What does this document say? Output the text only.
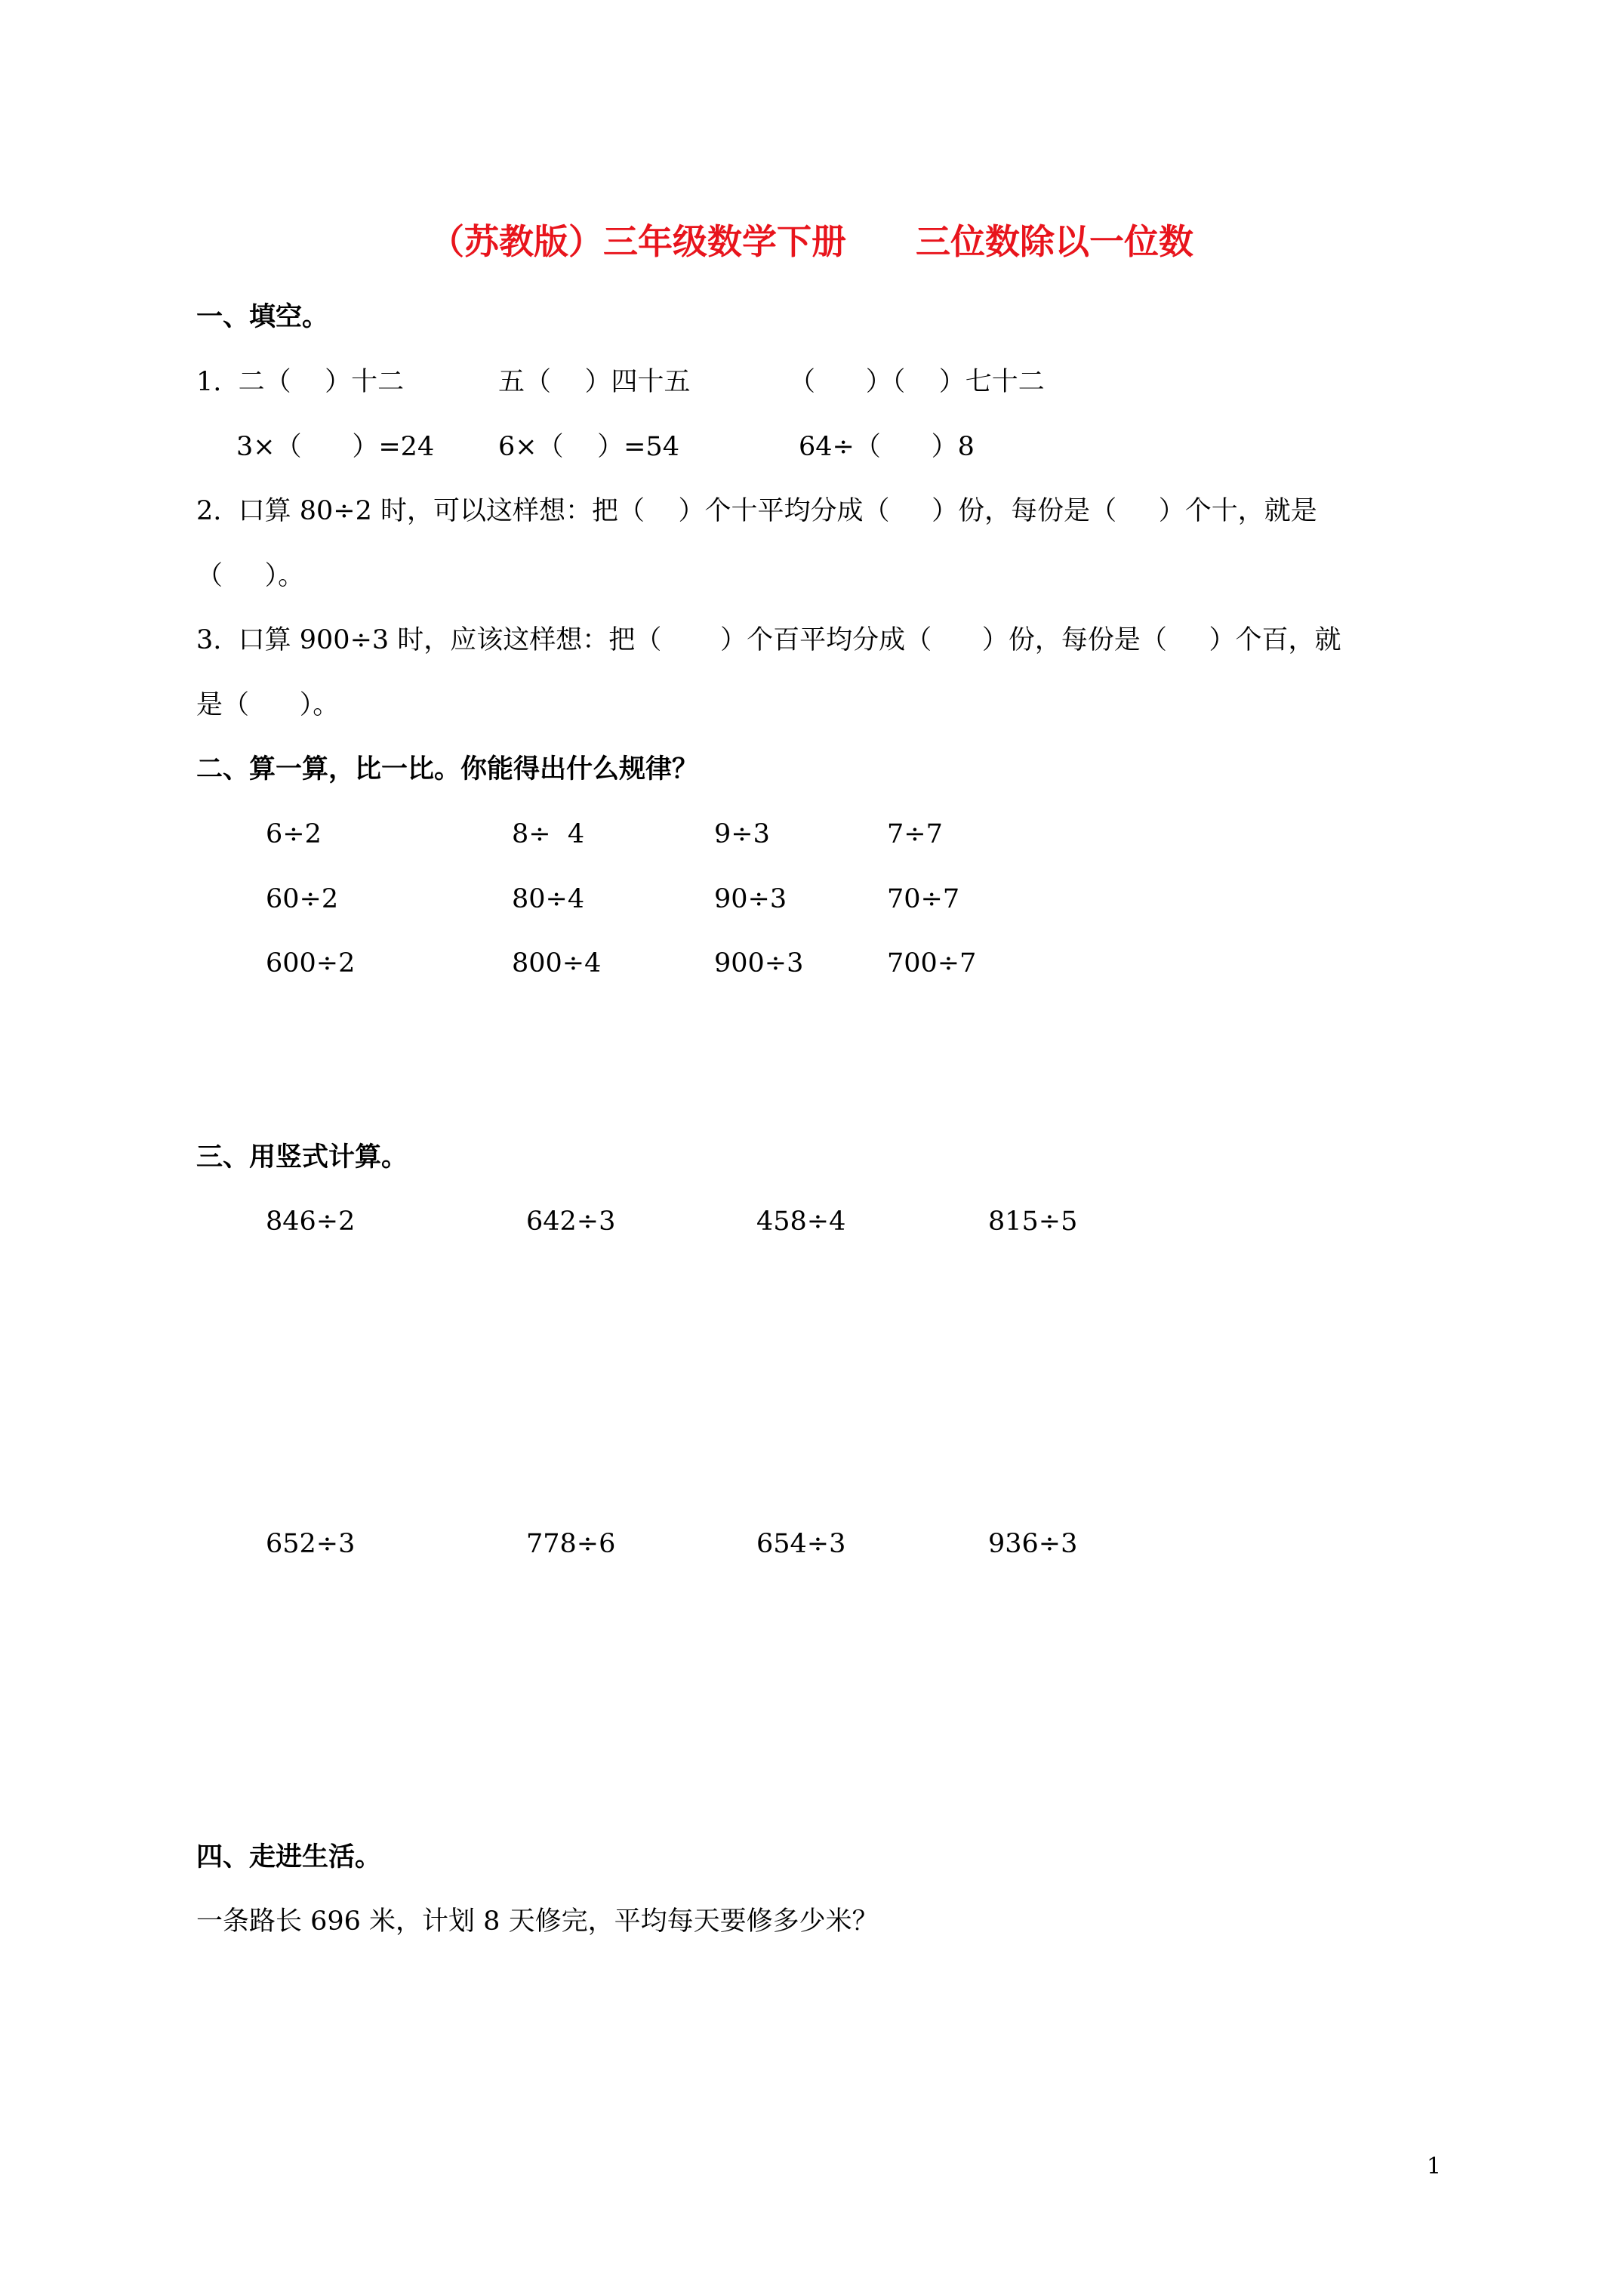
（苏教版）三年级数学下册　　三位数除以一位数
一、填空。
1.  二（    ）十二	五（    ）四十五	（      ）（    ）七十二
3×（      ）=24 6×（    ）=54	64÷（      ）8
2.  口算 80÷2 时，可以这样想：把（    ）个十平均分成（     ）份，每份是（     ）个十，就是
（     ）。
3.  口算 900÷3 时，应该这样想：把（       ）个百平均分成（      ）份，每份是（     ）个百，就
是（      ）。
二、算一算，比一比。你能得出什么规律？
6÷2	8÷  4	9÷3	7÷7
60÷2	80÷4	90÷3	70÷7
600÷2	800÷4	900÷3	700÷7
三、用竖式计算。
846÷2	642÷3	458÷4	815÷5
652÷3	778÷6	654÷3	936÷3
四、走进生活。
一条路长 696 米，计划 8 天修完，平均每天要修多少米？
1
